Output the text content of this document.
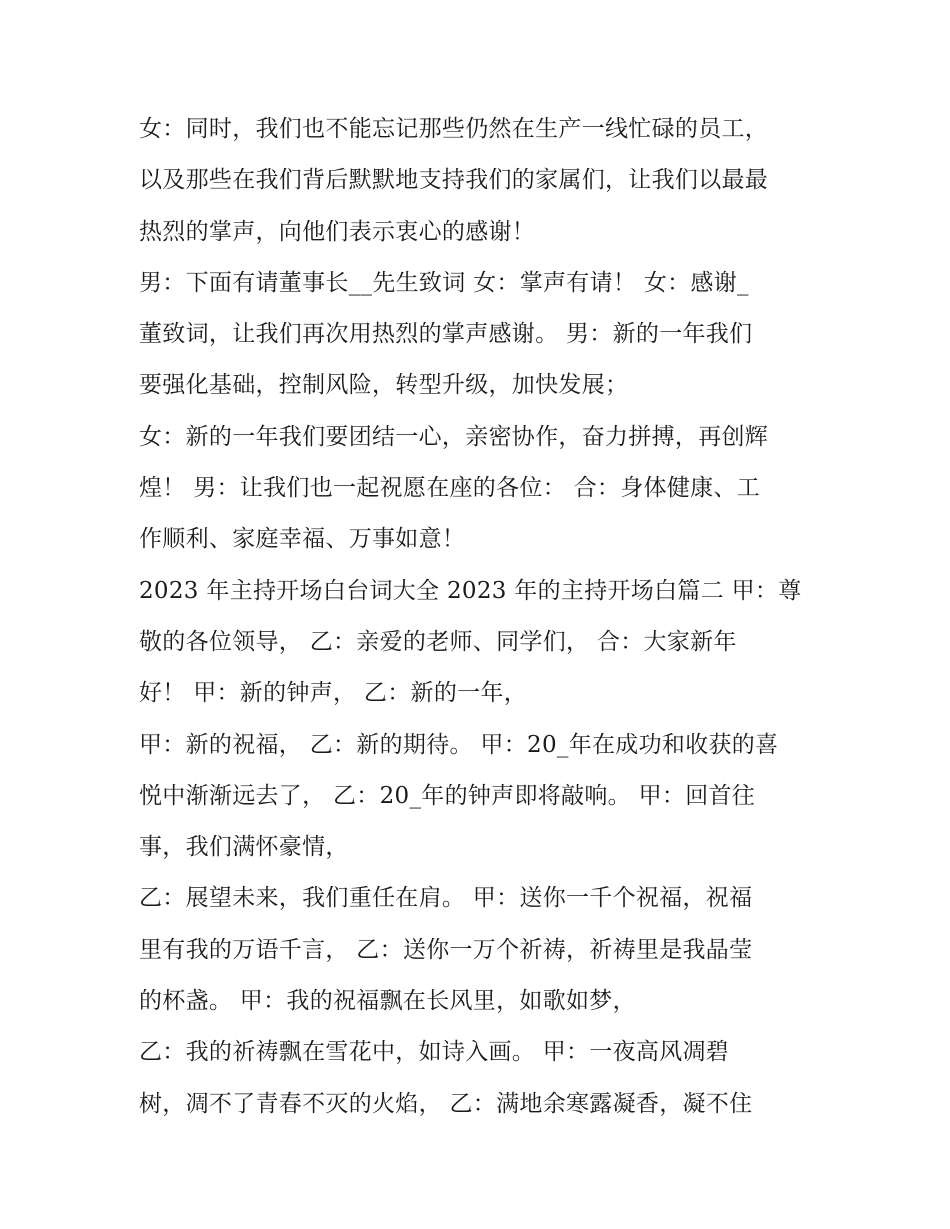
女：同时，我们也不能忘记那些仍然在生产一线忙碌的员工，
以及那些在我们背后默默地支持我们的家属们，让我们以最最
热烈的掌声，向他们表示衷心的感谢！
男：下面有请董事长__先生致词 女：掌声有请！ 女：感谢_
董致词，让我们再次用热烈的掌声感谢。 男：新的一年我们
要强化基础，控制风险，转型升级，加快发展；
女：新的一年我们要团结一心，亲密协作，奋力拼搏，再创辉
煌！ 男：让我们也一起祝愿在座的各位： 合：身体健康、工
作顺利、家庭幸福、万事如意！
2023 年主持开场白台词大全 2023 年的主持开场白篇二 甲：尊
敬的各位领导， 乙：亲爱的老师、同学们， 合：大家新年
好！ 甲：新的钟声， 乙：新的一年，
甲：新的祝福， 乙：新的期待。 甲：20_年在成功和收获的喜
悦中渐渐远去了， 乙：20_年的钟声即将敲响。 甲：回首往
事，我们满怀豪情，
乙：展望未来，我们重任在肩。 甲：送你一千个祝福，祝福
里有我的万语千言， 乙：送你一万个祈祷，祈祷里是我晶莹
的杯盏。 甲：我的祝福飘在长风里，如歌如梦，
乙：我的祈祷飘在雪花中，如诗入画。 甲：一夜高风凋碧
树，凋不了青春不灭的火焰， 乙：满地余寒露凝香，凝不住
